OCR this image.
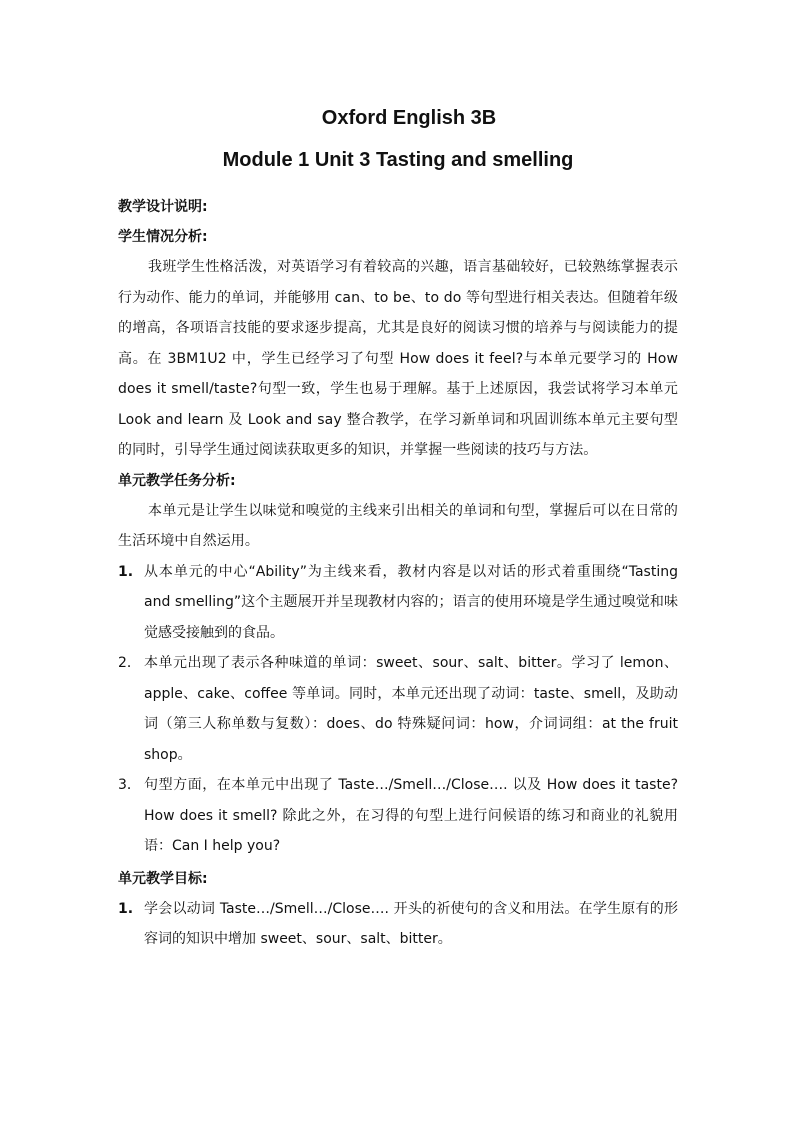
Oxford English 3B
Module 1 Unit 3 Tasting and smelling

教学设计说明:

学生情况分析:

我班学生性格活泼，对英语学习有着较高的兴趣，语言基础较好，已较熟练掌握表示行为动作、能力的单词，并能够用 can、to be、to do 等句型进行相关表达。但随着年级的增高，各项语言技能的要求逐步提高，尤其是良好的阅读习惯的培养与与阅读能力的提高。在 3BM1U2 中，学生已经学习了句型 How does it feel?与本单元要学习的 How does it smell/taste?句型一致，学生也易于理解。基于上述原因，我尝试将学习本单元 Look and learn 及 Look and say 整合教学，在学习新单词和巩固训练本单元主要句型的同时，引导学生通过阅读获取更多的知识，并掌握一些阅读的技巧与方法。

单元教学任务分析:

本单元是让学生以味觉和嗅觉的主线来引出相关的单词和句型，掌握后可以在日常的生活环境中自然运用。

1. 从本单元的中心“Ability”为主线来看，教材内容是以对话的形式着重围绕“Tasting and smelling”这个主题展开并呈现教材内容的；语言的使用环境是学生通过嗅觉和味觉感受接触到的食品。
2． 本单元出现了表示各种味道的单词：sweet、sour、salt、bitter。学习了 lemon、apple、cake、coffee 等单词。同时，本单元还出现了动词：taste、smell，及助动词（第三人称单数与复数）：does、do 特殊疑问词：how，介词词组：at the fruit shop。
3． 句型方面，在本单元中出现了 Taste…/Smell…/Close…. 以及 How does it taste? How does it smell? 除此之外，在习得的句型上进行问候语的练习和商业的礼貌用语：Can I help you?

单元教学目标:

1. 学会以动词 Taste…/Smell…/Close…. 开头的祈使句的含义和用法。在学生原有的形容词的知识中增加 sweet、sour、salt、bitter。
